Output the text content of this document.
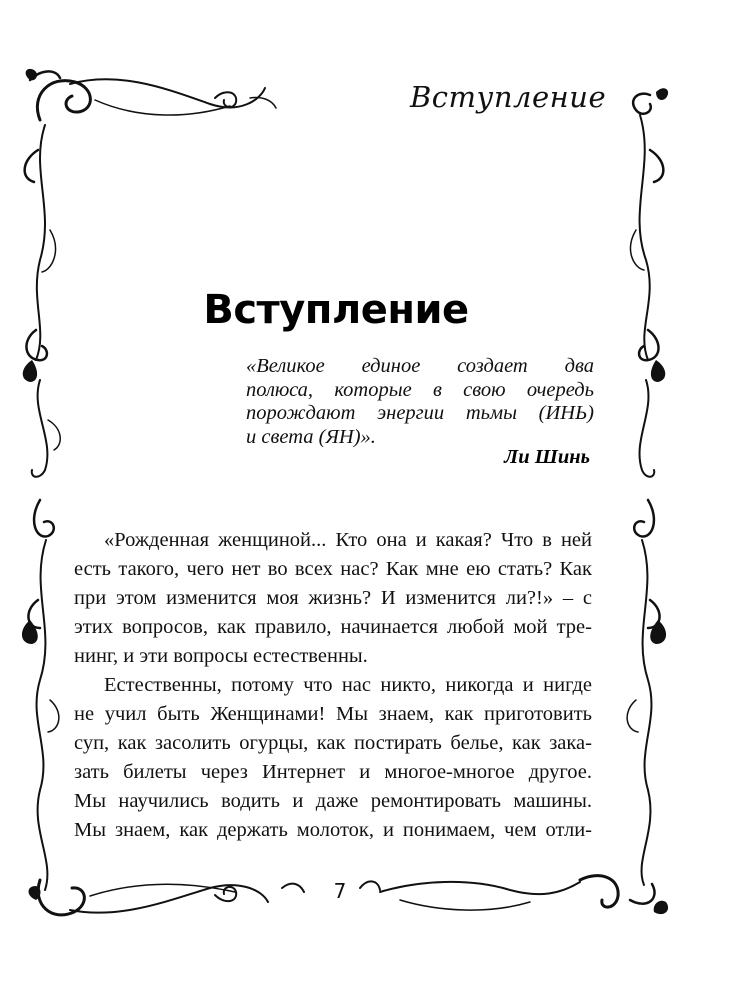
Вступление
Вступление

«Великое единое создает два
полюса, которые в свою очередь
порождают энергии тьмы (ИНЬ)
и света (ЯН)».

Ли Шинь

«Рожденная женщиной... Кто она и какая? Что в ней
есть такого, чего нет во всех нас? Как мне ею стать? Как
при этом изменится моя жизнь? И изменится ли?!» – с
этих вопросов, как правило, начинается любой мой тре-
нинг, и эти вопросы естественны.

Естественны, потому что нас никто, никогда и нигде
не учил быть Женщинами! Мы знаем, как приготовить
суп, как засолить огурцы, как постирать белье, как зака-
зать билеты через Интернет и многое-многое другое.
Мы научились водить и даже ремонтировать машины.
Мы знаем, как держать молоток, и понимаем, чем отли-

7
